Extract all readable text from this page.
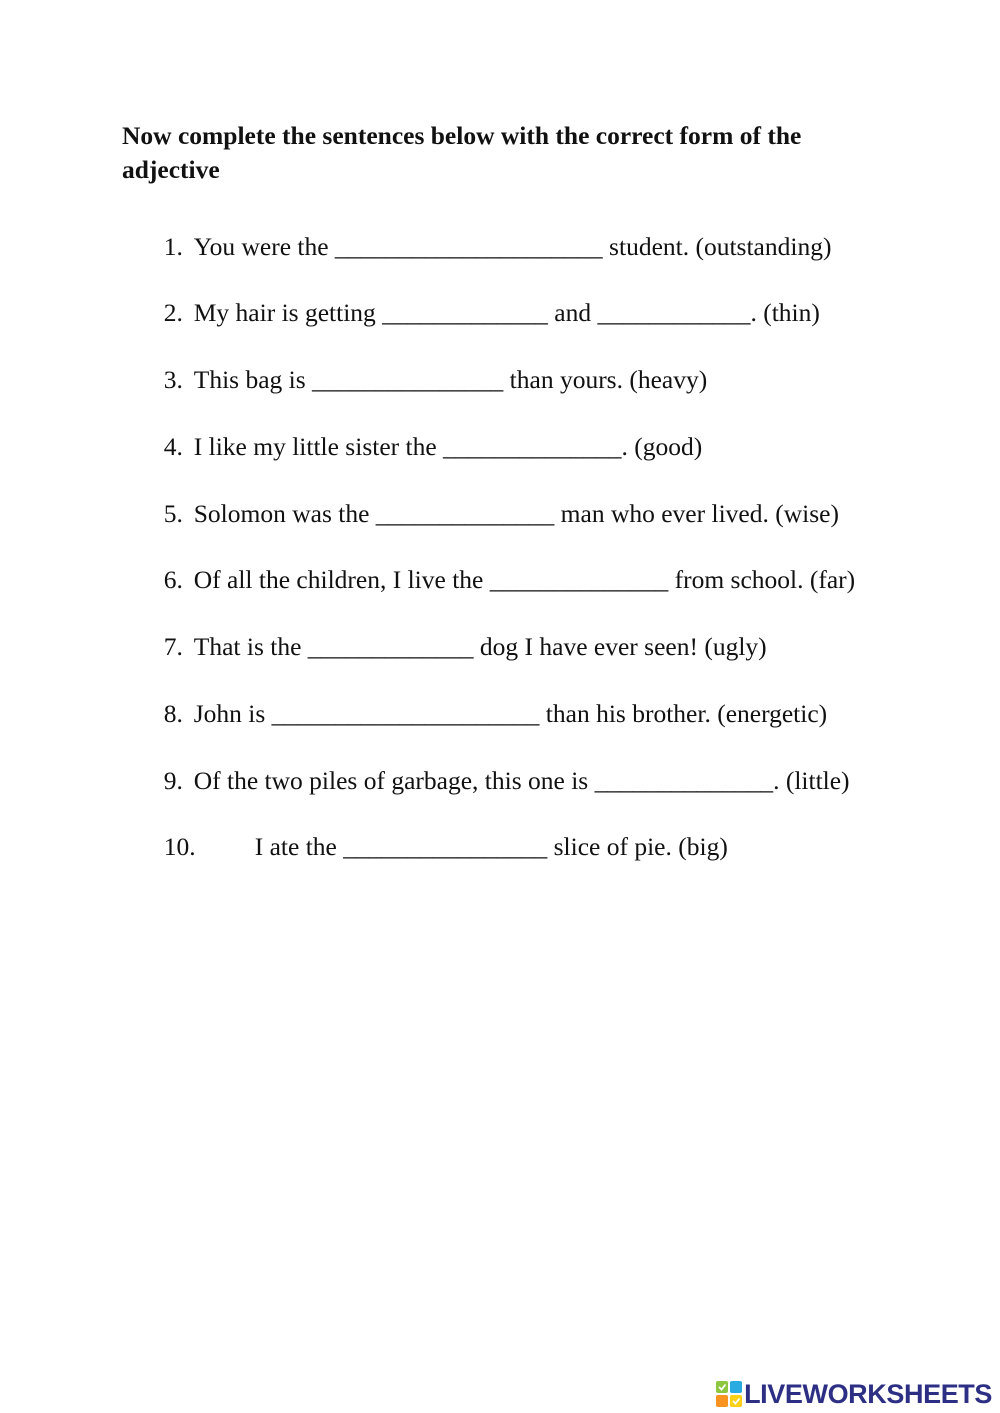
Now complete the sentences below with the correct form of the adjective

1. You were the _____________________ student. (outstanding)

2. My hair is getting _____________ and ____________. (thin)

3. This bag is _______________ than yours. (heavy)

4. I like my little sister the ______________. (good)

5. Solomon was the ______________ man who ever lived. (wise)

6. Of all the children, I live the ______________ from school. (far)

7. That is the _____________ dog I have ever seen! (ugly)

8. John is _____________________ than his brother. (energetic)

9. Of the two piles of garbage, this one is ______________. (little)

10. I ate the ________________ slice of pie. (big)

LIVEWORKSHEETS
